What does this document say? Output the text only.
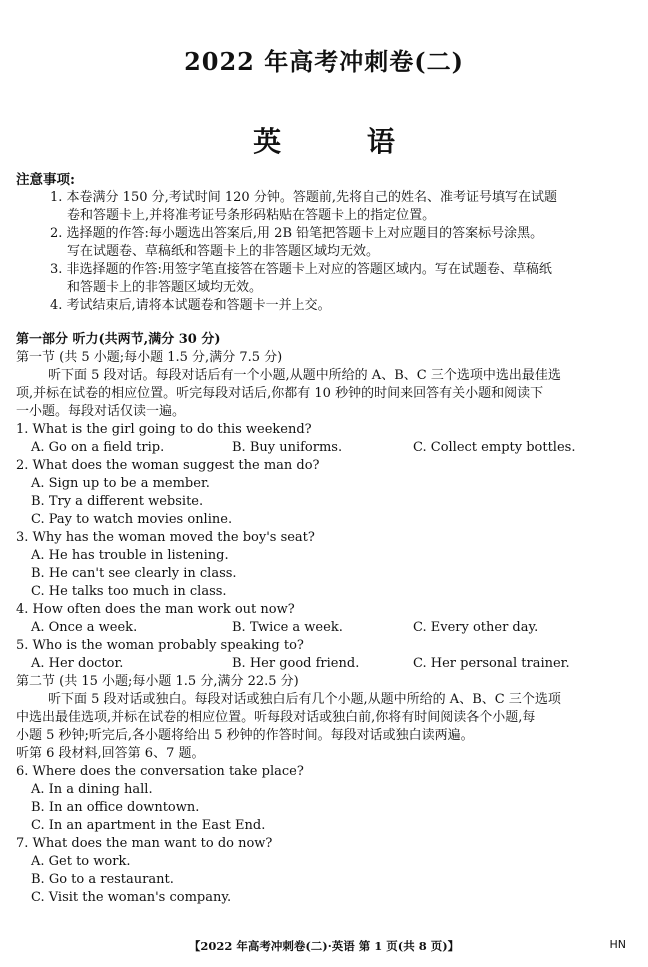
2022 年高考冲刺卷(二)
英 语
注意事项:
1. 本卷满分 150 分,考试时间 120 分钟。答题前,先将自己的姓名、准考证号填写在试题
卷和答题卡上,并将准考证号条形码粘贴在答题卡上的指定位置。
2. 选择题的作答:每小题选出答案后,用 2B 铅笔把答题卡上对应题目的答案标号涂黑。
写在试题卷、草稿纸和答题卡上的非答题区域均无效。
3. 非选择题的作答:用签字笔直接答在答题卡上对应的答题区域内。写在试题卷、草稿纸
和答题卡上的非答题区域均无效。
4. 考试结束后,请将本试题卷和答题卡一并上交。
第一部分 听力(共两节,满分 30 分)
第一节 (共 5 小题;每小题 1.5 分,满分 7.5 分)
听下面 5 段对话。每段对话后有一个小题,从题中所给的 A、B、C 三个选项中选出最佳选
项,并标在试卷的相应位置。听完每段对话后,你都有 10 秒钟的时间来回答有关小题和阅读下
一小题。每段对话仅读一遍。
1. What is the girl going to do this weekend?
A. Go on a field trip.	B. Buy uniforms.	C. Collect empty bottles.
2. What does the woman suggest the man do?
A. Sign up to be a member.
B. Try a different website.
C. Pay to watch movies online.
3. Why has the woman moved the boy's seat?
A. He has trouble in listening.
B. He can't see clearly in class.
C. He talks too much in class.
4. How often does the man work out now?
A. Once a week.	B. Twice a week.	C. Every other day.
5. Who is the woman probably speaking to?
A. Her doctor.	B. Her good friend.	C. Her personal trainer.
第二节 (共 15 小题;每小题 1.5 分,满分 22.5 分)
听下面 5 段对话或独白。每段对话或独白后有几个小题,从题中所给的 A、B、C 三个选项
中选出最佳选项,并标在试卷的相应位置。听每段对话或独白前,你将有时间阅读各个小题,每
小题 5 秒钟;听完后,各小题将给出 5 秒钟的作答时间。每段对话或独白读两遍。
听第 6 段材料,回答第 6、7 题。
6. Where does the conversation take place?
A. In a dining hall.
B. In an office downtown.
C. In an apartment in the East End.
7. What does the man want to do now?
A. Get to work.
B. Go to a restaurant.
C. Visit the woman's company.
【2022 年高考冲刺卷(二)·英语 第 1 页(共 8 页)】	HN
